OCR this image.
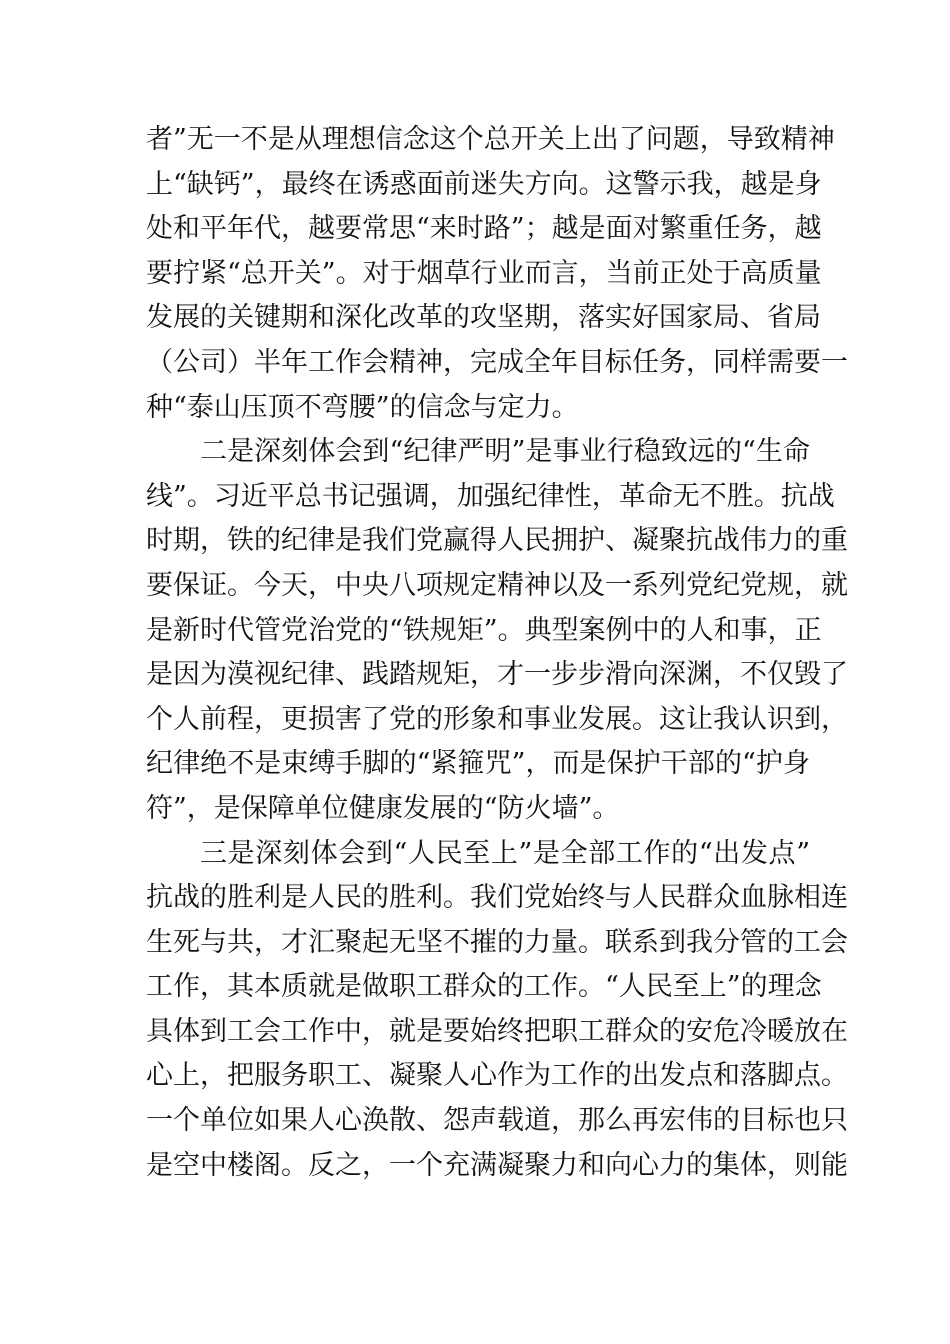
者”无一不是从理想信念这个总开关上出了问题，导致精神
上“缺钙”，最终在诱惑面前迷失方向。这警示我，越是身
处和平年代，越要常思“来时路”；越是面对繁重任务，越
要拧紧“总开关”。对于烟草行业而言，当前正处于高质量
发展的关键期和深化改革的攻坚期，落实好国家局、省局
（公司）半年工作会精神，完成全年目标任务，同样需要一
种“泰山压顶不弯腰”的信念与定力。
二是深刻体会到“纪律严明”是事业行稳致远的“生命
线”。习近平总书记强调，加强纪律性，革命无不胜。抗战
时期，铁的纪律是我们党赢得人民拥护、凝聚抗战伟力的重
要保证。今天，中央八项规定精神以及一系列党纪党规，就
是新时代管党治党的“铁规矩”。典型案例中的人和事，正
是因为漠视纪律、践踏规矩，才一步步滑向深渊，不仅毁了
个人前程，更损害了党的形象和事业发展。这让我认识到，
纪律绝不是束缚手脚的“紧箍咒”，而是保护干部的“护身
符”，是保障单位健康发展的“防火墙”。
三是深刻体会到“人民至上”是全部工作的“出发点”
抗战的胜利是人民的胜利。我们党始终与人民群众血脉相连
生死与共，才汇聚起无坚不摧的力量。联系到我分管的工会
工作，其本质就是做职工群众的工作。“人民至上”的理念
具体到工会工作中，就是要始终把职工群众的安危冷暖放在
心上，把服务职工、凝聚人心作为工作的出发点和落脚点。
一个单位如果人心涣散、怨声载道，那么再宏伟的目标也只
是空中楼阁。反之，一个充满凝聚力和向心力的集体，则能
